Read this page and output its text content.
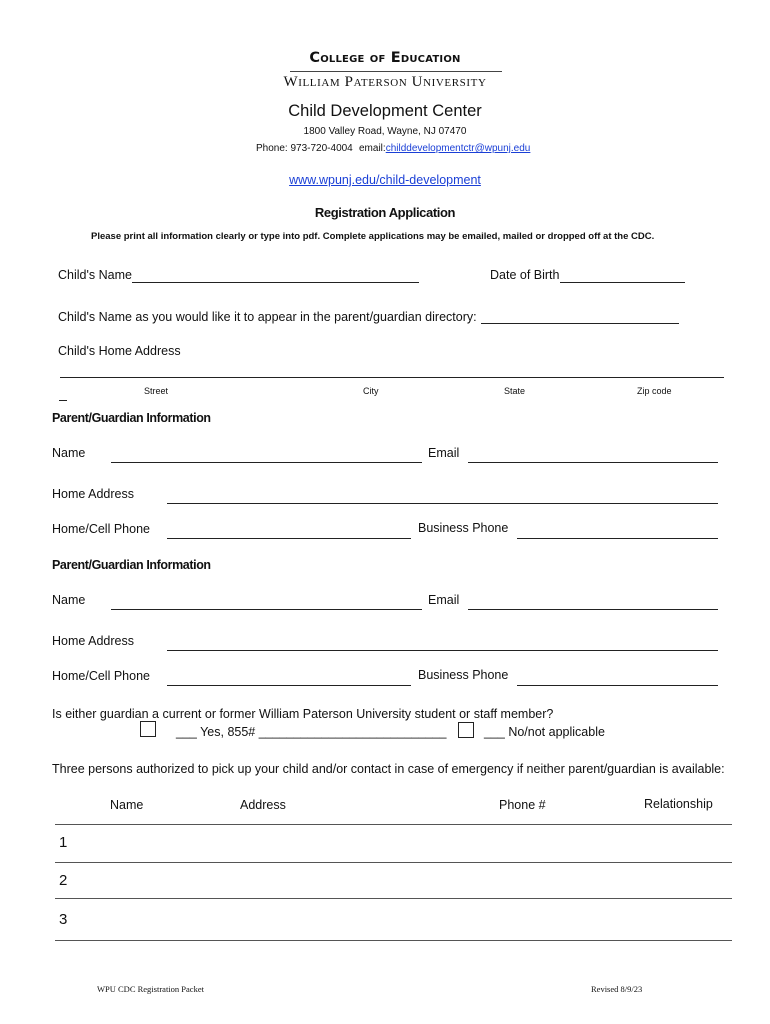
College of Education
William Paterson University
Child Development Center
1800 Valley Road, Wayne, NJ 07470
Phone: 973-720-4004 email:childdevelopmentctr@wpunj.edu
www.wpunj.edu/child-development
Registration Application
Please print all information clearly or type into pdf. Complete applications may be emailed, mailed or dropped off at the CDC.
Child's Name	Date of Birth
Child's Name as you would like it to appear in the parent/guardian directory:
Child's Home Address
Street	City	State	Zip code
Parent/Guardian Information
Name	Email
Home Address
Home/Cell Phone	Business Phone
Parent/Guardian Information
Name	Email
Home Address
Home/Cell Phone	Business Phone
Is either guardian a current or former William Paterson University student or staff member?
___ Yes, 855# ___________________________	___ No/not applicable
Three persons authorized to pick up your child and/or contact in case of emergency if neither parent/guardian is available:
Name	Address	Phone #	Relationship
1
2
3
WPU CDC Registration Packet	Revised 8/9/23
